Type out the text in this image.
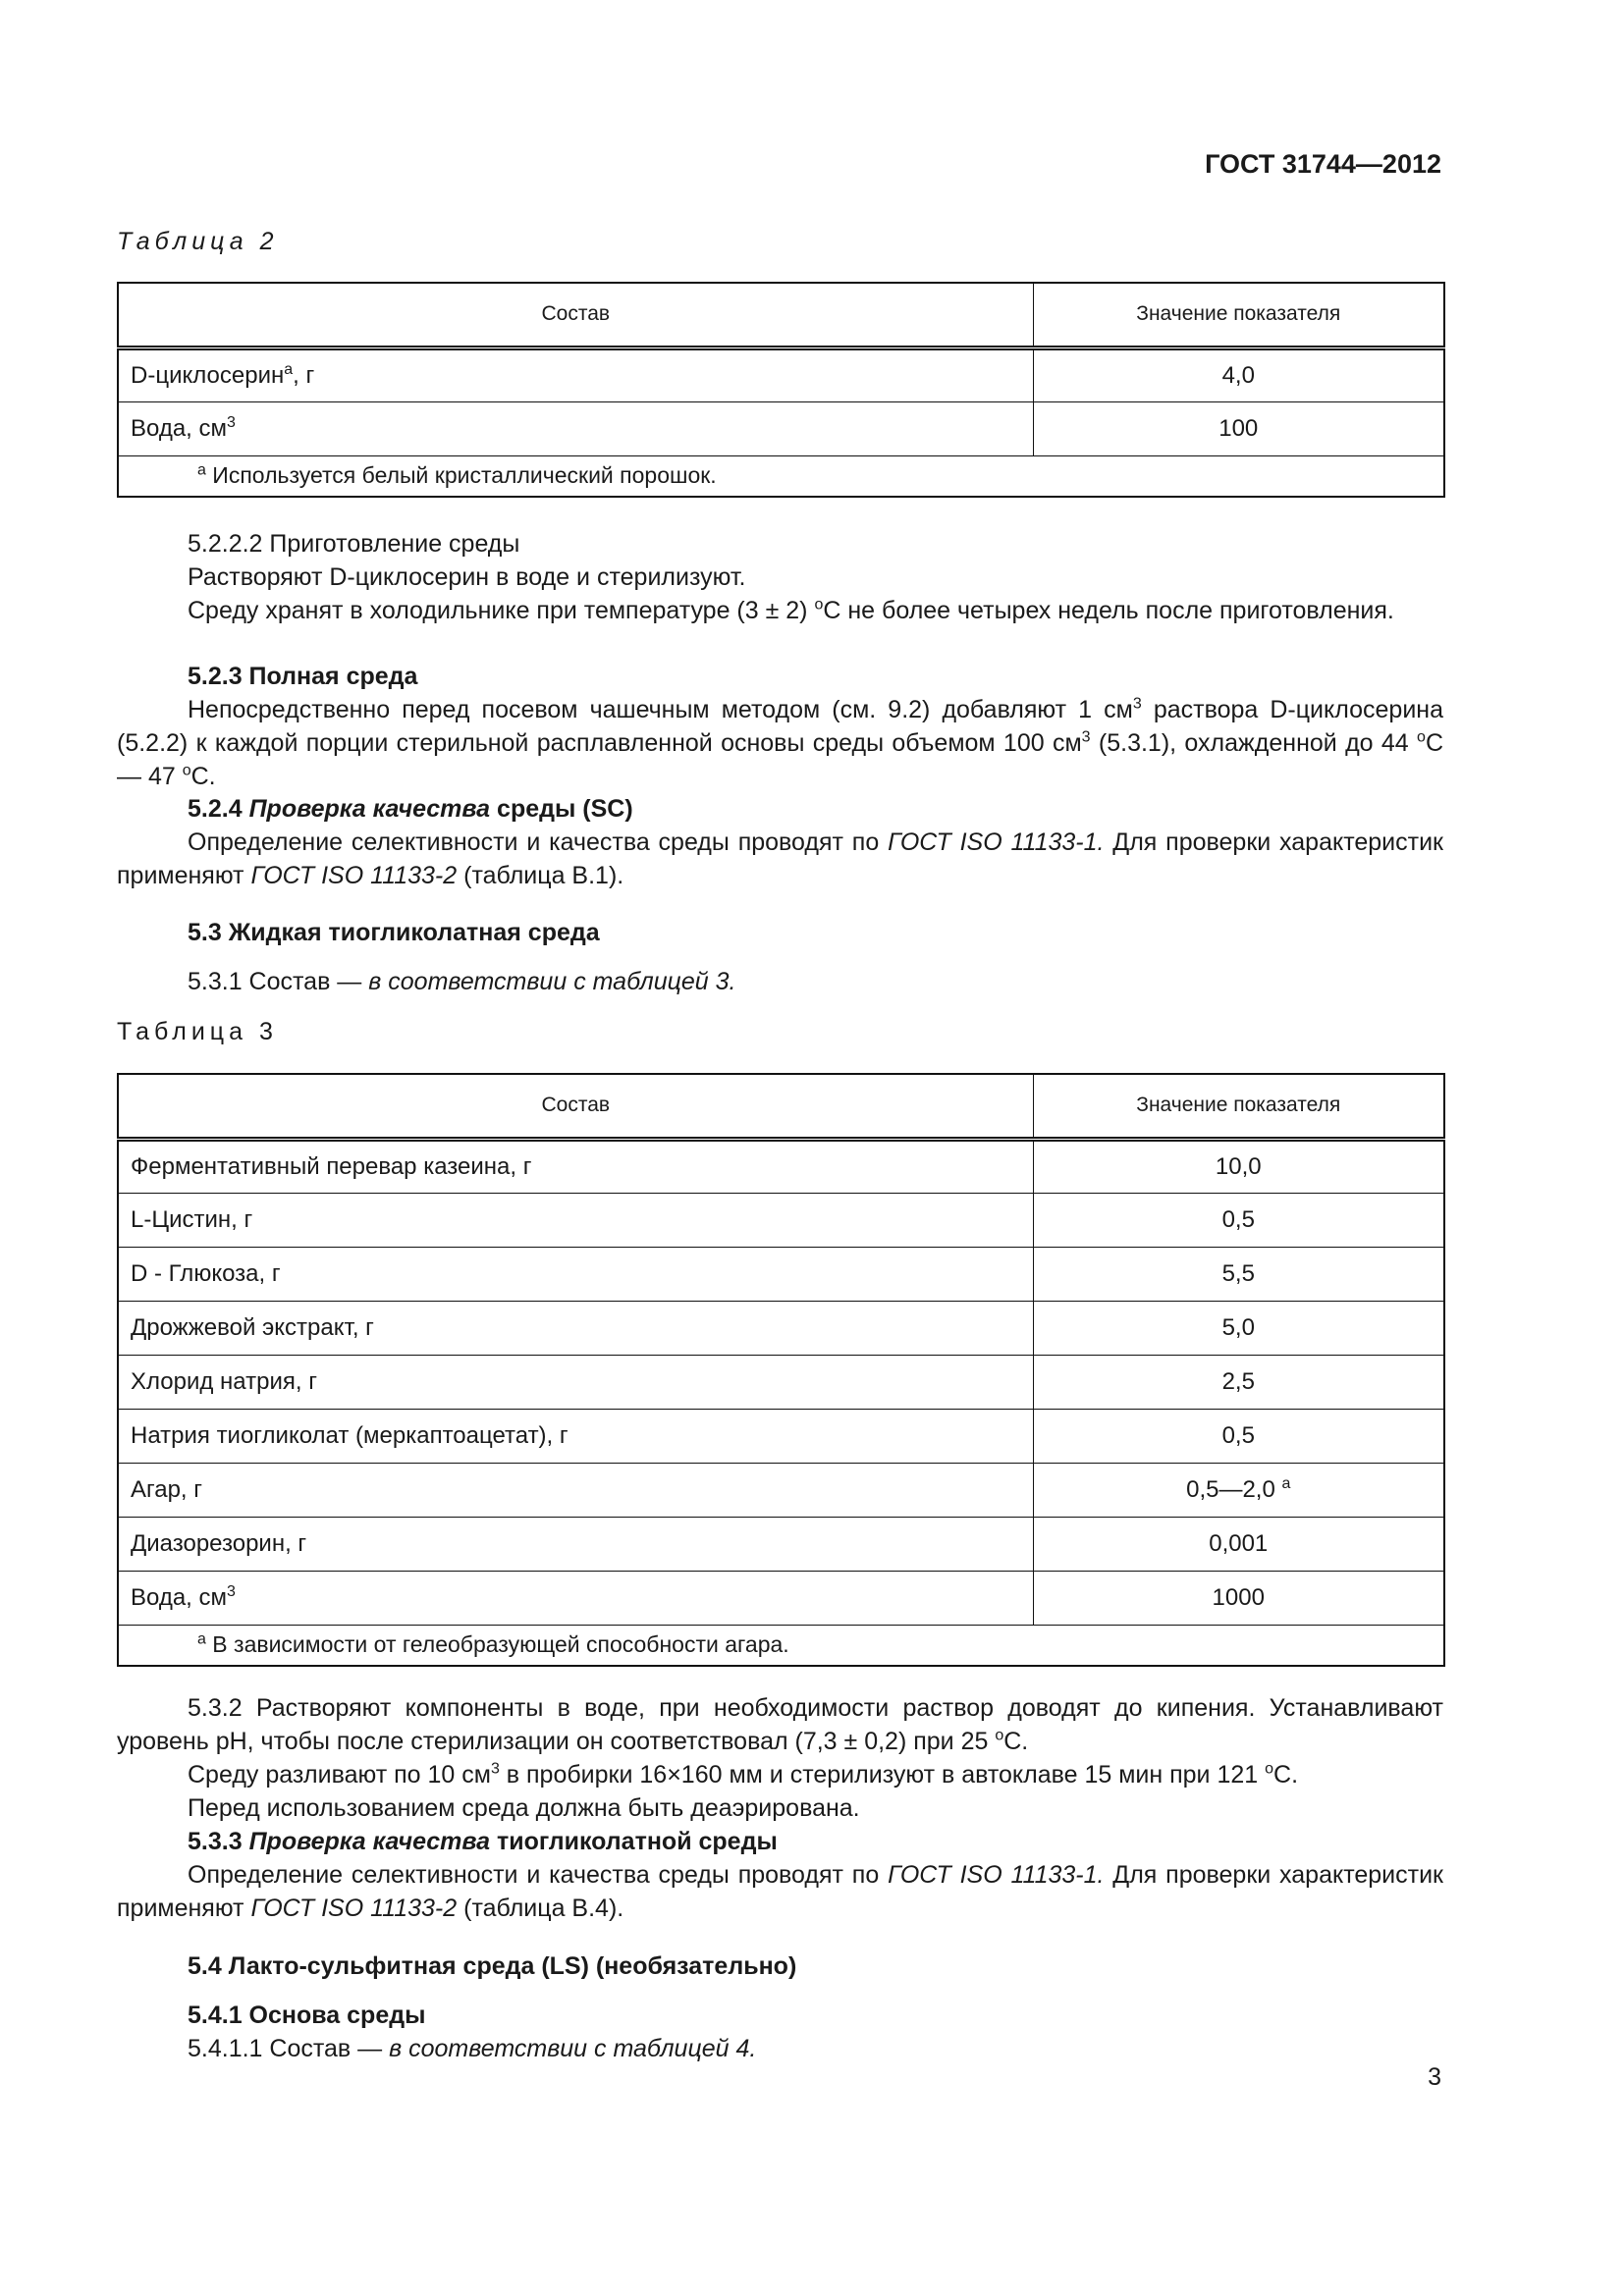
ГОСТ 31744—2012
Таблица 2
Состав	Значение показателя
D-циклосерин$^a$, г	4,0
Вода, $см^3$	100
$^a$ Используется белый кристаллический порошок.	
5.2.2.2 Приготовление среды
Растворяют D-циклосерин в воде и стерилизуют.
Среду хранят в холодильнике при температуре (3 ± 2) $^о$С не более четырех недель после приготовления.
5.2.3 Полная среда
Непосредственно перед посевом чашечным методом (см. 9.2) добавляют 1 $см^3$ раствора D-циклосерина (5.2.2) к каждой порции стерильной расплавленной основы среды объемом 100 $см^3$ (5.3.1), охлажденной до 44 $^о$С— 47 $^о$С.
5.2.4 Проверка качества среды (SC)
Определение селективности и качества среды проводят по ГОСТ ISO 11133-1. Для проверки характеристик применяют ГОСТ ISO 11133-2 (таблица В.1).
5.3 Жидкая тиогликолатная среда
5.3.1 Состав — в соответствии с таблицей 3.
Таблица 3
Состав	Значение показателя
Ферментативный перевар казеина, г	10,0
L-Цистин, г	0,5
D - Глюкоза, г	5,5
Дрожжевой экстракт, г	5,0
Хлорид натрия, г	2,5
Натрия тиогликолат (меркаптоацетат), г	0,5
Агар, г	0,5—2,0 $^a$
Диазорезорин, г	0,001
Вода, $см^3$	1000
$^a$ В зависимости от гелеобразующей способности агара.	
5.3.2 Растворяют компоненты в воде, при необходимости раствор доводят до кипения. Устанавливают уровень pH, чтобы после стерилизации он соответствовал (7,3 ± 0,2) при 25 $^о$С.
Среду разливают по 10 $см^3$ в пробирки 16×160 мм и стерилизуют в автоклаве 15 мин при 121 $^о$С.
Перед использованием среда должна быть деаэрирована.
5.3.3 Проверка качества тиогликолатной среды
Определение селективности и качества среды проводят по ГОСТ ISO 11133-1. Для проверки характеристик применяют ГОСТ ISO 11133-2 (таблица В.4).
5.4 Лакто-сульфитная среда (LS) (необязательно)
5.4.1 Основа среды
5.4.1.1 Состав — в соответствии с таблицей 4.
3
